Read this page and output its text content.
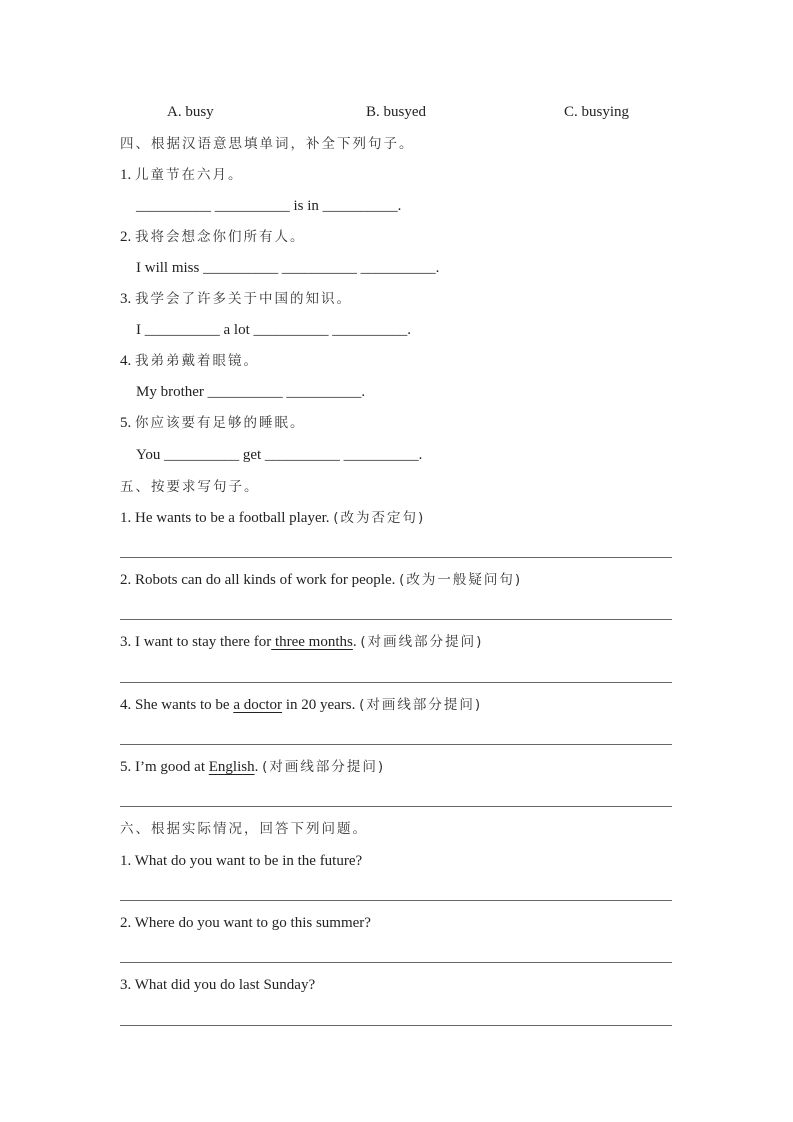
A. busy	B. busyed	C. busying
四、根据汉语意思填单词，补全下列句子。
1. 儿童节在六月。
__________ __________ is in __________.
2. 我将会想念你们所有人。
I will miss __________ __________ __________.
3. 我学会了许多关于中国的知识。
I __________ a lot __________ __________.
4. 我弟弟戴着眼镜。
My brother __________ __________.
5. 你应该要有足够的睡眠。
You __________ get __________ __________.
五、按要求写句子。
1. He wants to be a football player. (改为否定句)
2. Robots can do all kinds of work for people. (改为一般疑问句)
3. I want to stay there for three months. (对画线部分提问)
4. She wants to be a doctor in 20 years. (对画线部分提问)
5. I’m good at English. (对画线部分提问)
六、根据实际情况，回答下列问题。
1. What do you want to be in the future?
2. Where do you want to go this summer?
3. What did you do last Sunday?
